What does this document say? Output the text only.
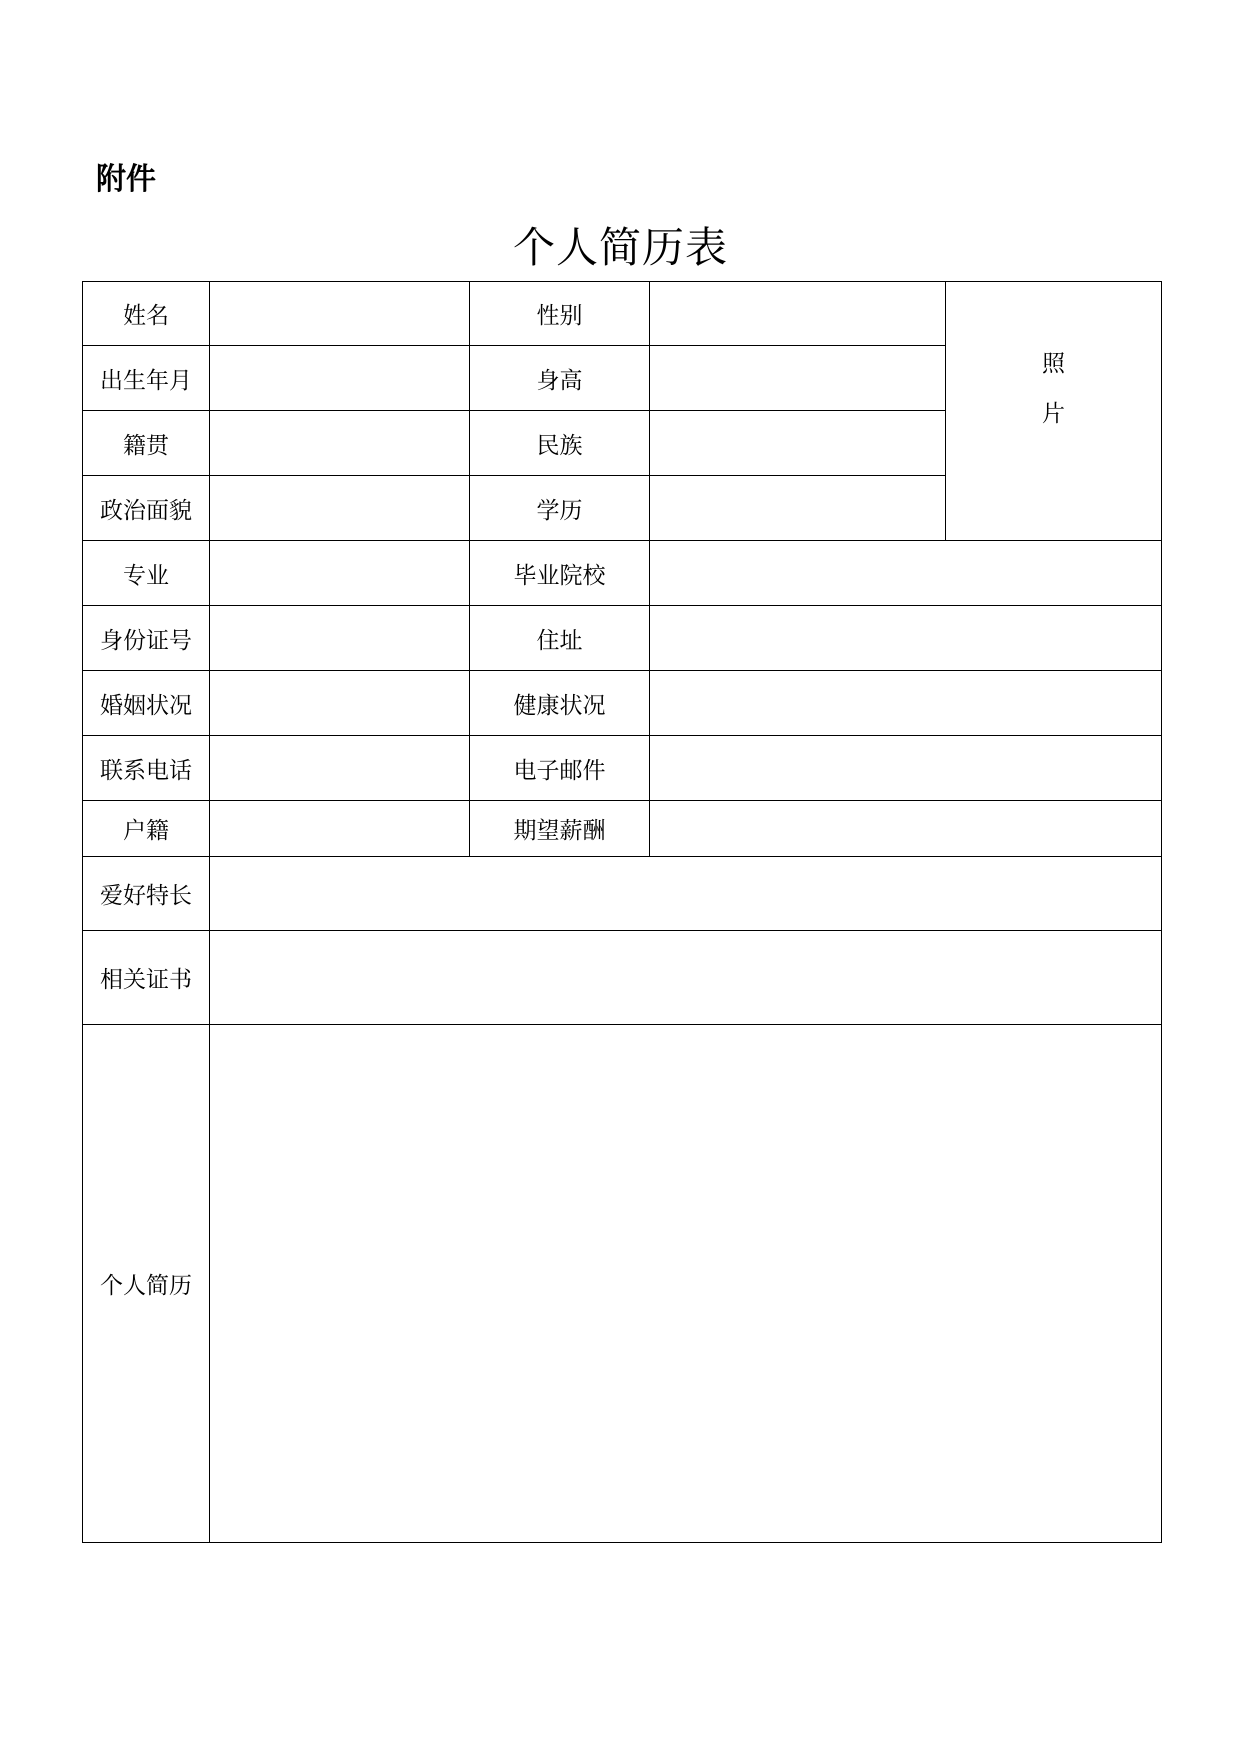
附件
个人简历表
姓名		性别		照片
出生年月		身高		
籍贯		民族		
政治面貌		学历		
专业		毕业院校		
身份证号		住址		
婚姻状况		健康状况		
联系电话		电子邮件		
户籍		期望薪酬		
爱好特长				
相关证书				
个人简历				
